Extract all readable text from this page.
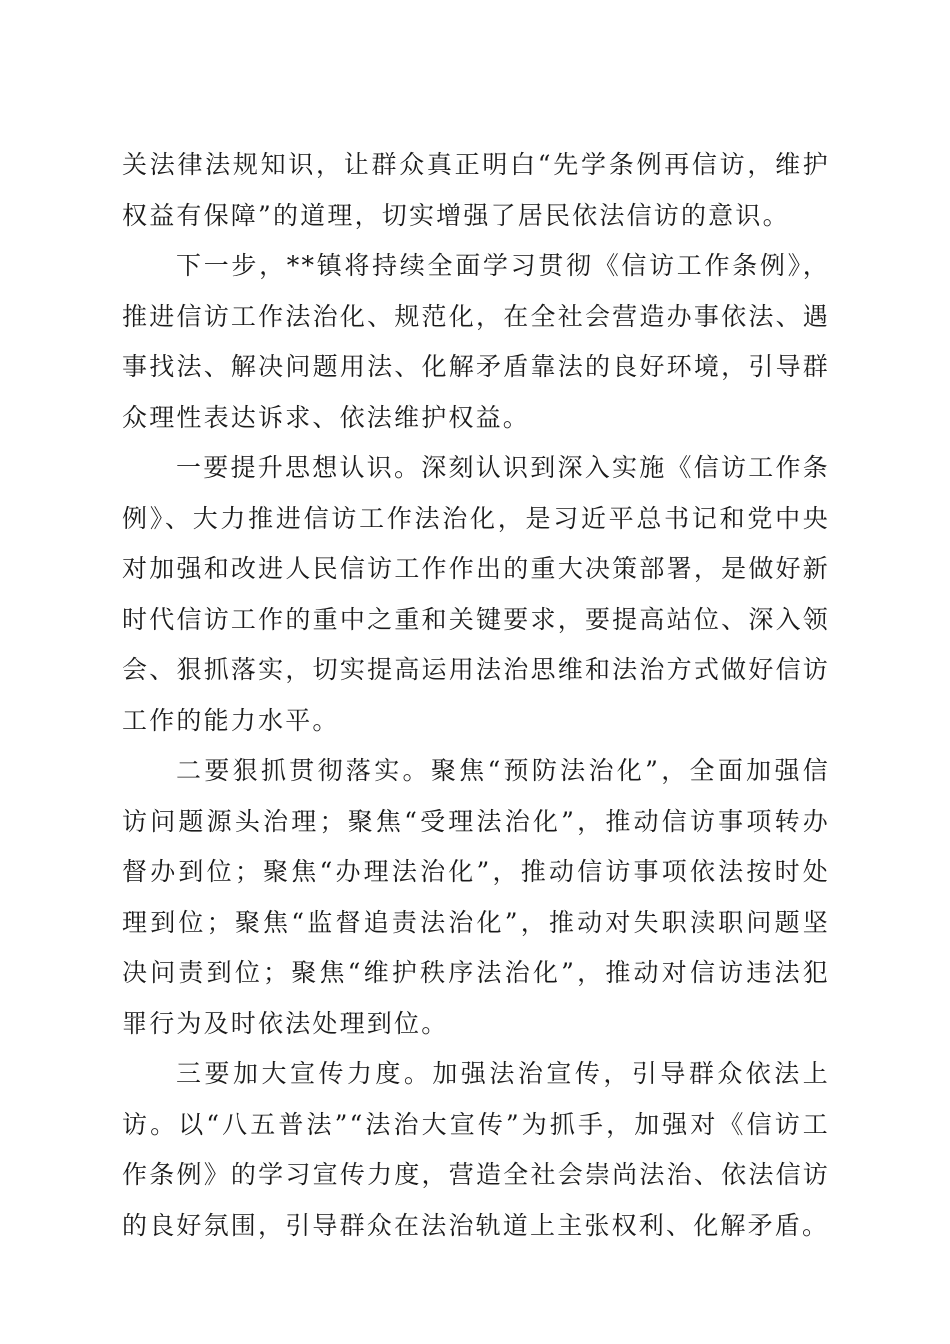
关法律法规知识，让群众真正明白“先学条例再信访，维护权益有保障”的道理，切实增强了居民依法信访的意识。

下一步，**镇将持续全面学习贯彻《信访工作条例》，推进信访工作法治化、规范化，在全社会营造办事依法、遇事找法、解决问题用法、化解矛盾靠法的良好环境，引导群众理性表达诉求、依法维护权益。

一要提升思想认识。深刻认识到深入实施《信访工作条例》、大力推进信访工作法治化，是习近平总书记和党中央对加强和改进人民信访工作作出的重大决策部署，是做好新时代信访工作的重中之重和关键要求，要提高站位、深入领会、狠抓落实，切实提高运用法治思维和法治方式做好信访工作的能力水平。

二要狠抓贯彻落实。聚焦“预防法治化”，全面加强信访问题源头治理；聚焦“受理法治化”，推动信访事项转办督办到位；聚焦“办理法治化”，推动信访事项依法按时处理到位；聚焦“监督追责法治化”，推动对失职渎职问题坚决问责到位；聚焦“维护秩序法治化”，推动对信访违法犯罪行为及时依法处理到位。

三要加大宣传力度。加强法治宣传，引导群众依法上访。以“八五普法”“法治大宣传”为抓手，加强对《信访工作条例》的学习宣传力度，营造全社会崇尚法治、依法信访的良好氛围，引导群众在法治轨道上主张权利、化解矛盾。
